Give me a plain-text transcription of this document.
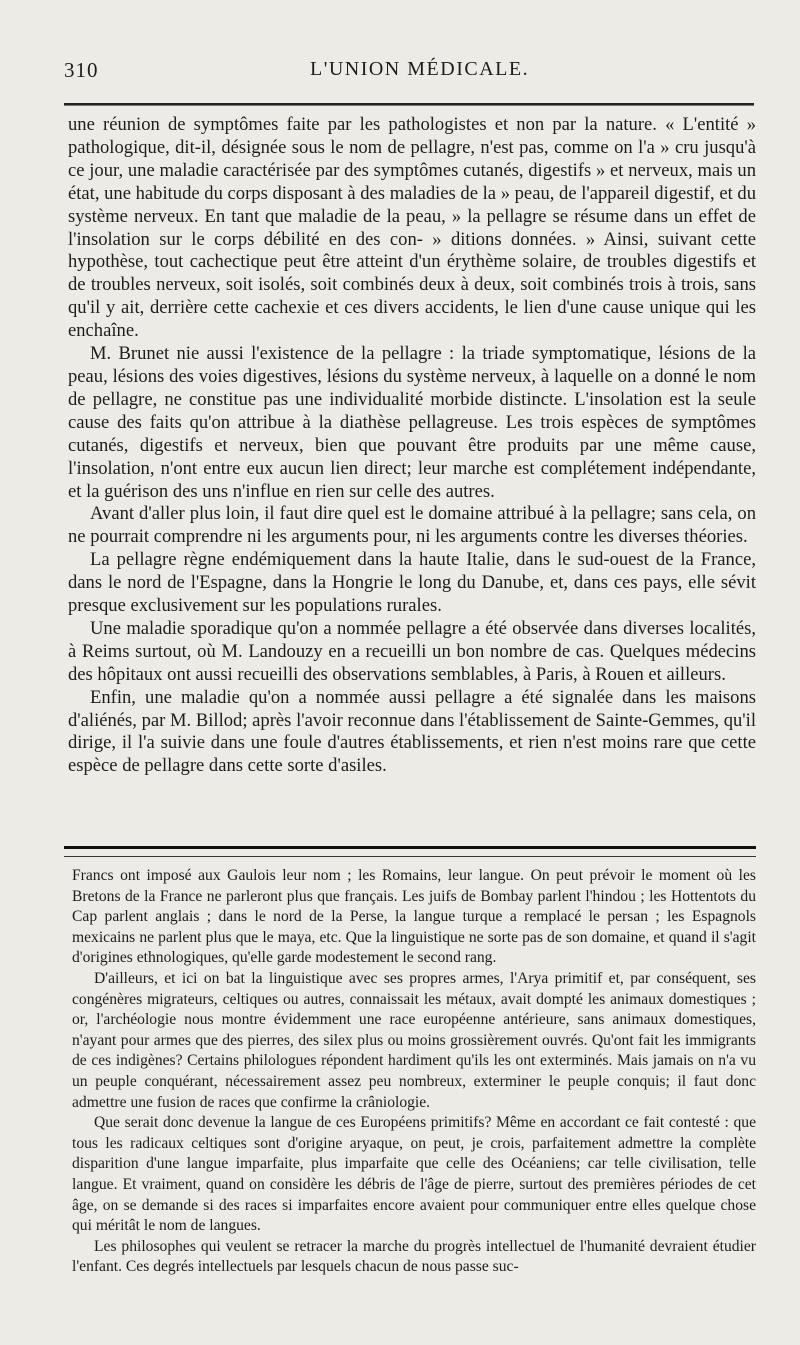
310	L'UNION MÉDICALE.

une réunion de symptômes faite par les pathologistes et non par la nature. « L'entité » pathologique, dit-il, désignée sous le nom de pellagre, n'est pas, comme on l'a » cru jusqu'à ce jour, une maladie caractérisée par des symptômes cutanés, digestifs » et nerveux, mais un état, une habitude du corps disposant à des maladies de la » peau, de l'appareil digestif, et du système nerveux. En tant que maladie de la peau, » la pellagre se résume dans un effet de l'insolation sur le corps débilité en des con- » ditions données. » Ainsi, suivant cette hypothèse, tout cachectique peut être atteint d'un érythème solaire, de troubles digestifs et de troubles nerveux, soit isolés, soit combinés deux à deux, soit combinés trois à trois, sans qu'il y ait, derrière cette cachexie et ces divers accidents, le lien d'une cause unique qui les enchaîne.

M. Brunet nie aussi l'existence de la pellagre : la triade symptomatique, lésions de la peau, lésions des voies digestives, lésions du système nerveux, à laquelle on a donné le nom de pellagre, ne constitue pas une individualité morbide distincte. L'insolation est la seule cause des faits qu'on attribue à la diathèse pellagreuse. Les trois espèces de symptômes cutanés, digestifs et nerveux, bien que pouvant être produits par une même cause, l'insolation, n'ont entre eux aucun lien direct; leur marche est complétement indépendante, et la guérison des uns n'influe en rien sur celle des autres.

Avant d'aller plus loin, il faut dire quel est le domaine attribué à la pellagre; sans cela, on ne pourrait comprendre ni les arguments pour, ni les arguments contre les diverses théories.

La pellagre règne endémiquement dans la haute Italie, dans le sud-ouest de la France, dans le nord de l'Espagne, dans la Hongrie le long du Danube, et, dans ces pays, elle sévit presque exclusivement sur les populations rurales.

Une maladie sporadique qu'on a nommée pellagre a été observée dans diverses localités, à Reims surtout, où M. Landouzy en a recueilli un bon nombre de cas. Quelques médecins des hôpitaux ont aussi recueilli des observations semblables, à Paris, à Rouen et ailleurs.

Enfin, une maladie qu'on a nommée aussi pellagre a été signalée dans les maisons d'aliénés, par M. Billod; après l'avoir reconnue dans l'établissement de Sainte-Gemmes, qu'il dirige, il l'a suivie dans une foule d'autres établissements, et rien n'est moins rare que cette espèce de pellagre dans cette sorte d'asiles.

Francs ont imposé aux Gaulois leur nom ; les Romains, leur langue. On peut prévoir le moment où les Bretons de la France ne parleront plus que français. Les juifs de Bombay parlent l'hindou ; les Hottentots du Cap parlent anglais ; dans le nord de la Perse, la langue turque a remplacé le persan ; les Espagnols mexicains ne parlent plus que le maya, etc. Que la linguistique ne sorte pas de son domaine, et quand il s'agit d'origines ethnologiques, qu'elle garde modestement le second rang.

D'ailleurs, et ici on bat la linguistique avec ses propres armes, l'Arya primitif et, par conséquent, ses congénères migrateurs, celtiques ou autres, connaissait les métaux, avait dompté les animaux domestiques ; or, l'archéologie nous montre évidemment une race européenne antérieure, sans animaux domestiques, n'ayant pour armes que des pierres, des silex plus ou moins grossièrement ouvrés. Qu'ont fait les immigrants de ces indigènes? Certains philologues répondent hardiment qu'ils les ont exterminés. Mais jamais on n'a vu un peuple conquérant, nécessairement assez peu nombreux, exterminer le peuple conquis; il faut donc admettre une fusion de races que confirme la crâniologie.

Que serait donc devenue la langue de ces Européens primitifs? Même en accordant ce fait contesté : que tous les radicaux celtiques sont d'origine aryaque, on peut, je crois, parfaitement admettre la complète disparition d'une langue imparfaite, plus imparfaite que celle des Océaniens; car telle civilisation, telle langue. Et vraiment, quand on considère les débris de l'âge de pierre, surtout des premières périodes de cet âge, on se demande si des races si imparfaites encore avaient pour communiquer entre elles quelque chose qui méritât le nom de langues.

Les philosophes qui veulent se retracer la marche du progrès intellectuel de l'humanité devraient étudier l'enfant. Ces degrés intellectuels par lesquels chacun de nous passe suc-
